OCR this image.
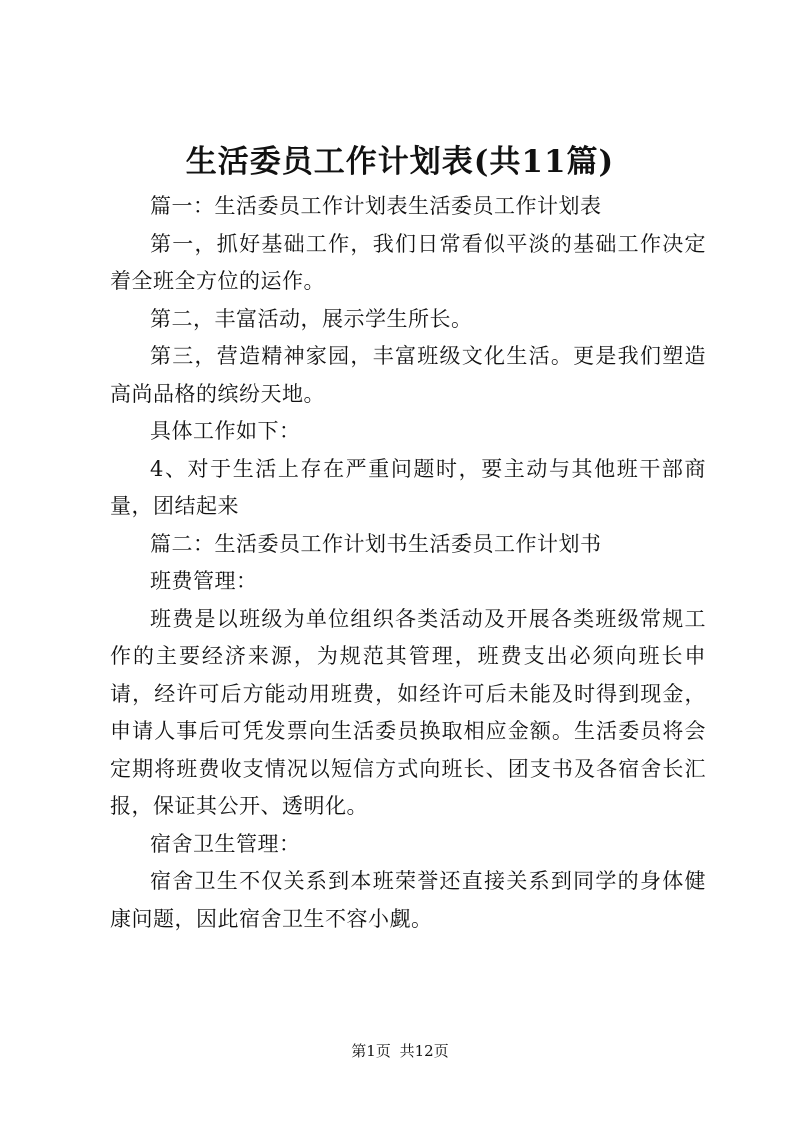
生活委员工作计划表(共11篇)

篇一：生活委员工作计划表生活委员工作计划表

第一，抓好基础工作，我们日常看似平淡的基础工作决定着全班全方位的运作。

第二，丰富活动，展示学生所长。

第三，营造精神家园，丰富班级文化生活。更是我们塑造高尚品格的缤纷天地。

具体工作如下：

4、对于生活上存在严重问题时，要主动与其他班干部商量，团结起来

篇二：生活委员工作计划书生活委员工作计划书

班费管理：

班费是以班级为单位组织各类活动及开展各类班级常规工作的主要经济来源，为规范其管理，班费支出必须向班长申请，经许可后方能动用班费，如经许可后未能及时得到现金，申请人事后可凭发票向生活委员换取相应金额。生活委员将会定期将班费收支情况以短信方式向班长、团支书及各宿舍长汇报，保证其公开、透明化。

宿舍卫生管理：

宿舍卫生不仅关系到本班荣誉还直接关系到同学的身体健康问题，因此宿舍卫生不容小觑。

第1页 共12页
